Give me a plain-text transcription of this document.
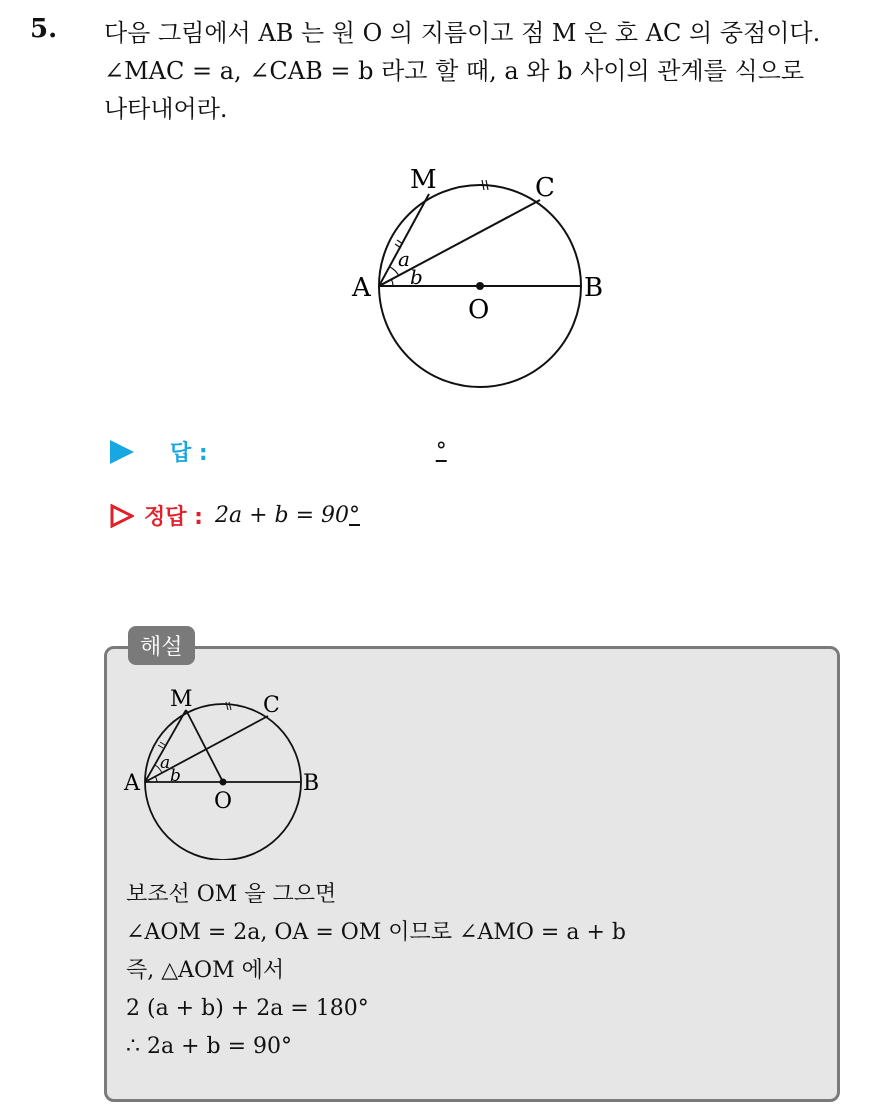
5. 다음 그림에서 AB 는 원 O 의 지름이고 점 M 은 호 AC 의 중점이다.
∠MAC = a, ∠CAB = b 라고 할 때, a 와 b 사이의 관계를 식으로
나타내어라.
M	C
A	B
O
a
b
답 :	°
정답 : 2a + b = 90 °
해설
M	C
A	B
O
a
b
보조선 OM 을 그으면
∠AOM = 2a, OA = OM 이므로 ∠AMO = a + b
즉, △AOM 에서
2 (a + b) + 2a = 180°
∴ 2a + b = 90°
